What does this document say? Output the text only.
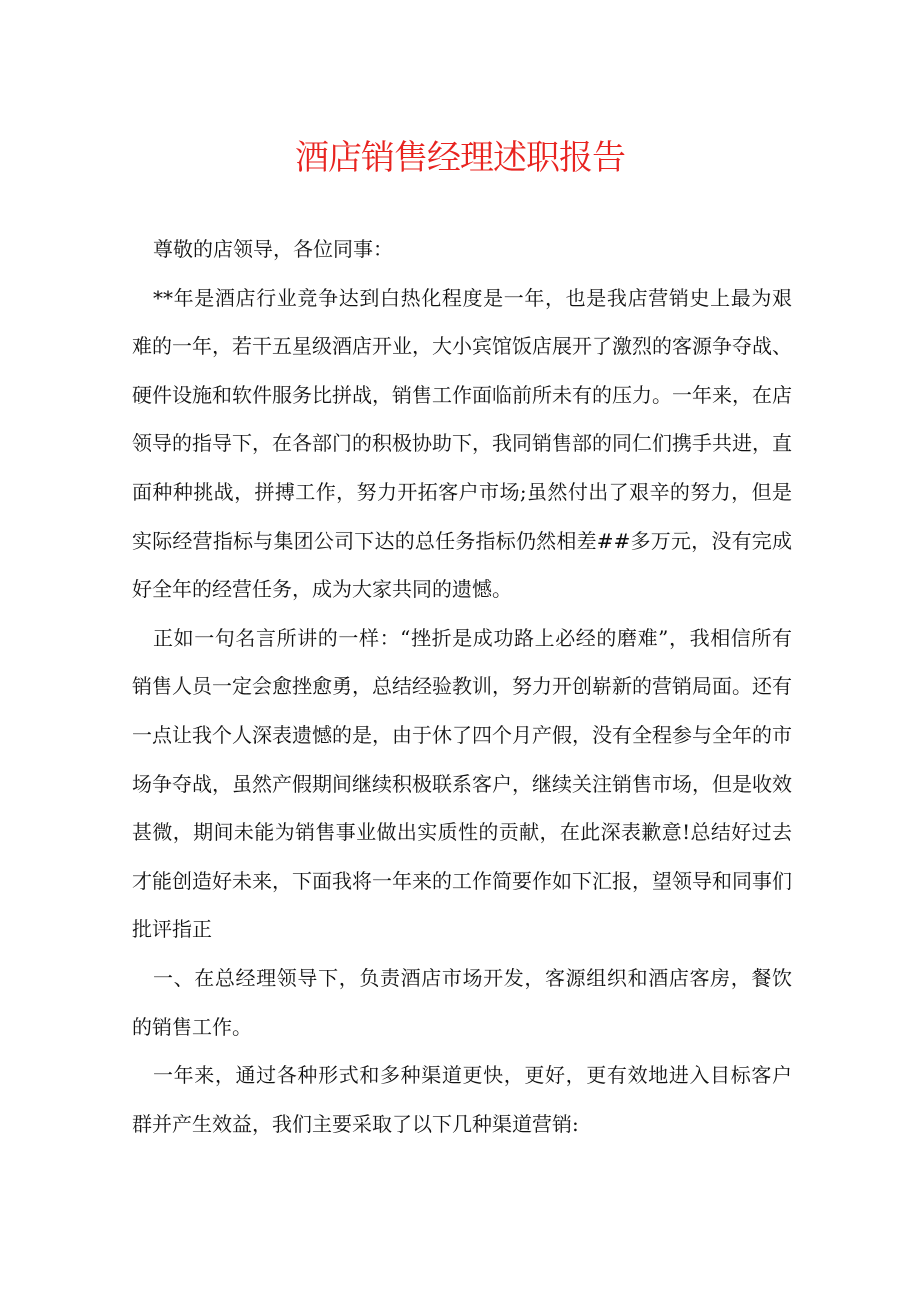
酒店销售经理述职报告

尊敬的店领导，各位同事：

**年是酒店行业竞争达到白热化程度是一年，也是我店营销史上最为艰难的一年，若干五星级酒店开业，大小宾馆饭店展开了激烈的客源争夺战、硬件设施和软件服务比拼战，销售工作面临前所未有的压力。一年来，在店领导的指导下，在各部门的积极协助下，我同销售部的同仁们携手共进，直面种种挑战，拼搏工作，努力开拓客户市场;虽然付出了艰辛的努力，但是实际经营指标与集团公司下达的总任务指标仍然相差##多万元，没有完成好全年的经营任务，成为大家共同的遗憾。

正如一句名言所讲的一样：“挫折是成功路上必经的磨难”，我相信所有销售人员一定会愈挫愈勇，总结经验教训，努力开创崭新的营销局面。还有一点让我个人深表遗憾的是，由于休了四个月产假，没有全程参与全年的市场争夺战，虽然产假期间继续积极联系客户，继续关注销售市场，但是收效甚微，期间未能为销售事业做出实质性的贡献，在此深表歉意!总结好过去才能创造好未来，下面我将一年来的工作简要作如下汇报，望领导和同事们批评指正

一、在总经理领导下，负责酒店市场开发，客源组织和酒店客房，餐饮的销售工作。

一年来，通过各种形式和多种渠道更快，更好，更有效地进入目标客户群并产生效益，我们主要采取了以下几种渠道营销:
